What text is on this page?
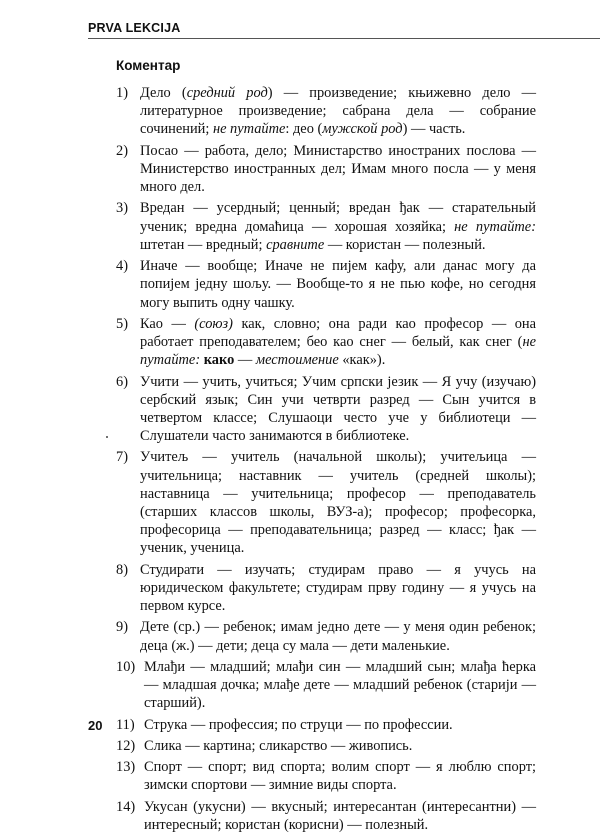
PRVA LEKCIJA
Коментар
1) Дело (средний род) — произведение; књижевно дело — литературное произведение; сабрана дела — собрание сочинений; не путайте: део (мужской род) — часть.
2) Посао — работа, дело; Министарство иностраних послова — Министерство иностранных дел; Имам много посла — у меня много дел.
3) Вредан — усердный; ценный; вредан ђак — старательный ученик; вредна домаћица — хорошая хозяйка; не путайте: штетан — вредный; сравните — користан — полезный.
4) Иначе — вообще; Иначе не пијем кафу, али данас могу да попијем једну шољу. — Вообще-то я не пью кофе, но сегодня могу выпить одну чашку.
5) Као — (союз) как, словно; она ради као професор — она работает преподавателем; бео као снег — белый, как снег (не путайте: како — местоимение «как»).
6) Учити — учить, учиться; Учим српски језик — Я учу (изучаю) сербский язык; Син учи четврти разред — Сын учится в четвертом классе; Слушаоци често уче у библиотеци — Слушатели часто занимаются в библиотеке.
7) Учитељ — учитель (начальной школы); учитељица — учительница; наставник — учитель (средней школы); наставница — учительница; професор — преподаватель (старших классов школы, ВУЗ-а); професор; професорка, професорица — преподавательница; разред — класс; ђак — ученик, ученица.
8) Студирати — изучать; студирам право — я учусь на юридическом факультете; студирам прву годину — я учусь на первом курсе.
9) Дете (ср.) — ребенок; имам једно дете — у меня один ребенок; деца (ж.) — дети; деца су мала — дети маленькие.
10) Млађи — младший; млађи син — младший сын; млађа ћерка — младшая дочка; млађе дете — младший ребенок (старији — старший).
11) Струка — профессия; по струци — по профессии.
12) Слика — картина; сликарство — живопись.
13) Спорт — спорт; вид спорта; волим спорт — я люблю спорт; зимски спортови — зимние виды спорта.
14) Укусан (укусни) — вкусный; интересантан (интересантни) — интересный; користан (корисни) — полезный.
20
